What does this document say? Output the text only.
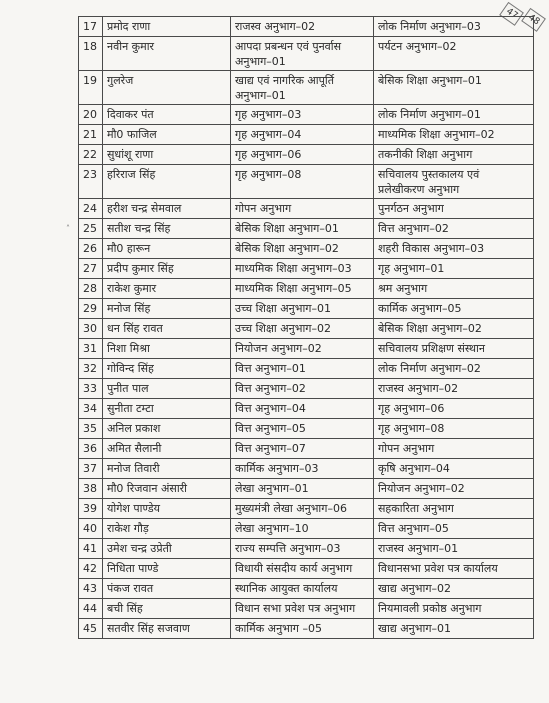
47 48
˄
17	प्रमोद राणा	राजस्व अनुभाग–02	लोक निर्माण अनुभाग–03
18	नवीन कुमार	आपदा प्रबन्धन एवं पुनर्वास अनुभाग–01	पर्यटन अनुभाग–02
19	गुलरेज	खाद्य एवं नागरिक आपूर्ति अनुभाग–01	बेसिक शिक्षा अनुभाग–01
20	दिवाकर पंत	गृह अनुभाग–03	लोक निर्माण अनुभाग–01
21	मौ0 फाजिल	गृह अनुभाग–04	माध्यमिक शिक्षा अनुभाग–02
22	सुधांशू राणा	गृह अनुभाग–06	तकनीकी शिक्षा अनुभाग
23	हरिराज सिंह	गृह अनुभाग–08	सचिवालय पुस्तकालय एवं प्रलेखीकरण अनुभाग
24	हरीश चन्द्र सेमवाल	गोपन अनुभाग	पुनर्गठन अनुभाग
25	सतीश चन्द्र सिंह	बेसिक शिक्षा अनुभाग–01	वित्त अनुभाग–02
26	मौ0 हारून	बेसिक शिक्षा अनुभाग–02	शहरी विकास अनुभाग–03
27	प्रदीप कुमार सिंह	माध्यमिक शिक्षा अनुभाग–03	गृह अनुभाग–01
28	राकेश कुमार	माध्यमिक शिक्षा अनुभाग–05	श्रम अनुभाग
29	मनोज सिंह	उच्च शिक्षा अनुभाग–01	कार्मिक अनुभाग–05
30	धन सिंह रावत	उच्च शिक्षा अनुभाग–02	बेसिक शिक्षा अनुभाग–02
31	निशा मिश्रा	नियोजन अनुभाग–02	सचिवालय प्रशिक्षण संस्थान
32	गोविन्द सिंह	वित्त अनुभाग–01	लोक निर्माण अनुभाग–02
33	पुनीत पाल	वित्त अनुभाग–02	राजस्व अनुभाग–02
34	सुनीता टम्टा	वित्त अनुभाग–04	गृह अनुभाग–06
35	अनिल प्रकाश	वित्त अनुभाग–05	गृह अनुभाग–08
36	अमित सैलानी	वित्त अनुभाग–07	गोपन अनुभाग
37	मनोज तिवारी	कार्मिक अनुभाग–03	कृषि अनुभाग–04
38	मौ0 रिजवान अंसारी	लेखा अनुभाग–01	नियोजन अनुभाग–02
39	योगेश पाण्डेय	मुख्यमंत्री लेखा अनुभाग–06	सहकारिता अनुभाग
40	राकेश गौड़	लेखा अनुभाग–10	वित्त अनुभाग–05
41	उमेश चन्द्र उप्रेती	राज्य सम्पत्ति अनुभाग–03	राजस्व अनुभाग–01
42	निधिता पाण्डे	विधायी संसदीय कार्य अनुभाग	विधानसभा प्रवेश पत्र कार्यालय
43	पंकज रावत	स्थानिक आयुक्त कार्यालय	खाद्य अनुभाग–02
44	बची सिंह	विधान सभा प्रवेश पत्र अनुभाग	नियमावली प्रकोष्ठ अनुभाग
45	सतवीर सिंह सजवाण	कार्मिक अनुभाग –05	खाद्य अनुभाग–01
